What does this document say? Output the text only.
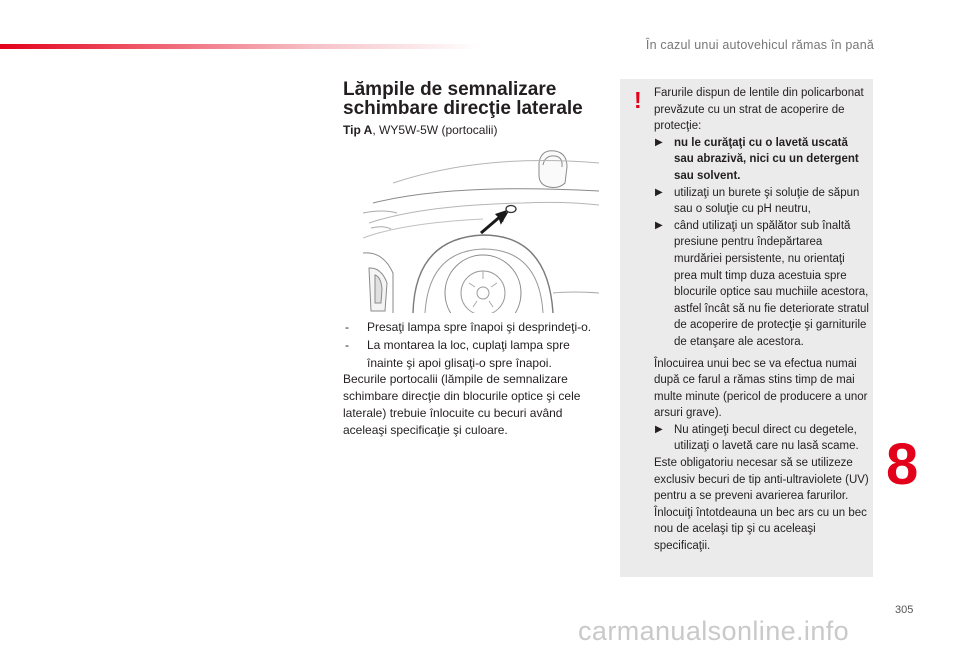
În cazul unui autovehicul rămas în pană
Lămpile de semnalizare schimbare direcţie laterale
Tip A, WY5W-5W (portocalii)
- Presaţi lampa spre înapoi şi desprindeţi-o.
- La montarea la loc, cuplaţi lampa spre înainte şi apoi glisaţi-o spre înapoi.
Becurile portocalii (lămpile de semnalizare schimbare direcţie din blocurile optice şi cele laterale) trebuie înlocuite cu becuri având aceleaşi specificaţie şi culoare.
! Farurile dispun de lentile din policarbonat prevăzute cu un strat de acoperire de protecţie:

▶
nu le curăţaţi cu o lavetă uscată sau abrazivă, nici cu un detergent sau solvent.

▶
utilizaţi un burete şi soluţie de săpun sau o soluţie cu pH neutru,

▶
când utilizaţi un spălător sub înaltă presiune pentru îndepărtarea murdăriei persistente, nu orientaţi prea mult timp duza acestuia spre blocurile optice sau muchiile acestora, astfel încât să nu fie deteriorate stratul de acoperire de protecţie şi garniturile de etanşare ale acestora.

Înlocuirea unui bec se va efectua numai după ce farul a rămas stins timp de mai multe minute (pericol de producere a unor arsuri grave).

▶
Nu atingeţi becul direct cu degetele, utilizaţi o lavetă care nu lasă scame.

Este obligatoriu necesar să se utilizeze exclusiv becuri de tip anti-ultraviolete (UV) pentru a se preveni avarierea farurilor.

Înlocuiţi întotdeauna un bec ars cu un bec nou de acelaşi tip şi cu aceleaşi specificaţii.

8
305
carmanualsonline.info
